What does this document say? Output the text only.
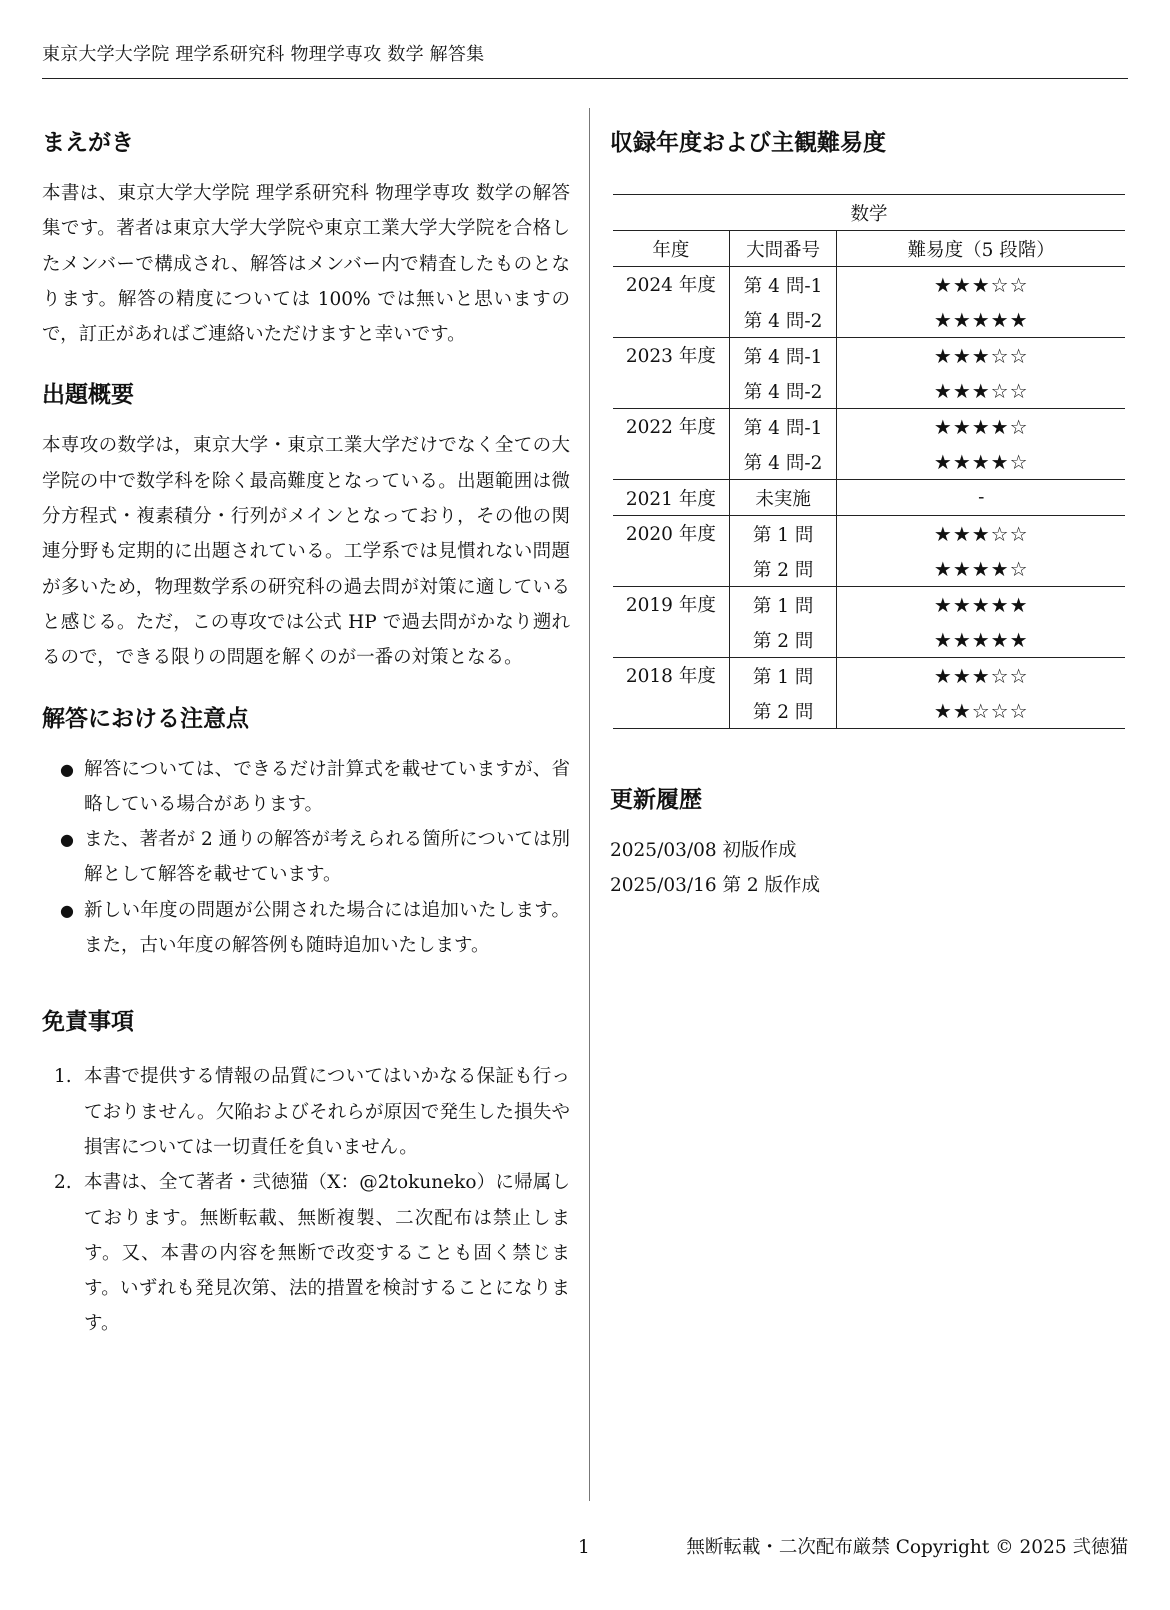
東京大学大学院 理学系研究科 物理学専攻 数学 解答集
まえがき

本書は、東京大学大学院 理学系研究科 物理学専攻 数学の解答集です。著者は東京大学大学院や東京工業大学大学院を合格したメンバーで構成され、解答はメンバー内で精査したものとなります。解答の精度については 100% では無いと思いますので，訂正があればご連絡いただけますと幸いです。

出題概要

本専攻の数学は，東京大学・東京工業大学だけでなく全ての大学院の中で数学科を除く最高難度となっている。出題範囲は微分方程式・複素積分・行列がメインとなっており，その他の関連分野も定期的に出題されている。工学系では見慣れない問題が多いため，物理数学系の研究科の過去問が対策に適していると感じる。ただ，この専攻では公式 HP で過去問がかなり遡れるので，できる限りの問題を解くのが一番の対策となる。

解答における注意点
● 解答については、できるだけ計算式を載せていますが、省略している場合があります。
● また、著者が 2 通りの解答が考えられる箇所については別解として解答を載せています。
● 新しい年度の問題が公開された場合には追加いたします。また，古い年度の解答例も随時追加いたします。
免責事項
1. 本書で提供する情報の品質についてはいかなる保証も行っておりません。欠陥およびそれらが原因で発生した損失や損害については一切責任を負いません。
2. 本書は、全て著者・弐徳猫（X：@2tokuneko）に帰属しております。無断転載、無断複製、二次配布は禁止します。又、本書の内容を無断で改変することも固く禁じます。いずれも発見次第、法的措置を検討することになります。
収録年度および主観難易度
数学		
年度	大問番号	難易度（5 段階）
2024 年度	第 4 問-1	★★★☆☆
	第 4 問-2	★★★★★
2023 年度	第 4 問-1	★★★☆☆
	第 4 問-2	★★★☆☆
2022 年度	第 4 問-1	★★★★☆
	第 4 問-2	★★★★☆
2021 年度	未実施	-
2020 年度	第 1 問	★★★☆☆
	第 2 問	★★★★☆
2019 年度	第 1 問	★★★★★
	第 2 問	★★★★★
2018 年度	第 1 問	★★★☆☆
	第 2 問	★★☆☆☆
更新履歴
2025/03/08 初版作成
2025/03/16 第 2 版作成
1	無断転載・二次配布厳禁 Copyright © 2025 弐徳猫
